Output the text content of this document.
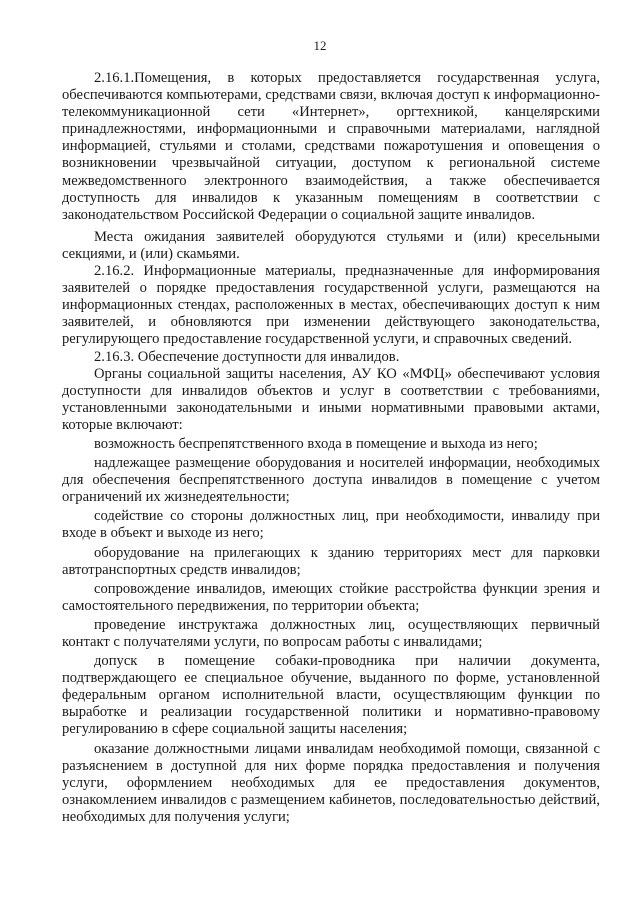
12

2.16.1.Помещения, в которых предоставляется государственная услуга, обеспечиваются компьютерами, средствами связи, включая доступ к информационно-телекоммуникационной сети «Интернет», оргтехникой, канцелярскими принадлежностями, информационными и справочными материалами, наглядной информацией, стульями и столами, средствами пожаротушения и оповещения о возникновении чрезвычайной ситуации, доступом к региональной системе межведомственного электронного взаимодействия, а также обеспечивается доступность для инвалидов к указанным помещениям в соответствии с законодательством Российской Федерации о социальной защите инвалидов.

Места ожидания заявителей оборудуются стульями и (или) кресельными секциями, и (или) скамьями.

2.16.2. Информационные материалы, предназначенные для информирования заявителей о порядке предоставления государственной услуги, размещаются на информационных стендах, расположенных в местах, обеспечивающих доступ к ним заявителей, и обновляются при изменении действующего законодательства, регулирующего предоставление государственной услуги, и справочных сведений.

2.16.3. Обеспечение доступности для инвалидов.

Органы социальной защиты населения, АУ КО «МФЦ» обеспечивают условия доступности для инвалидов объектов и услуг в соответствии с требованиями, установленными законодательными и иными нормативными правовыми актами, которые включают:

возможность беспрепятственного входа в помещение и выхода из него;

надлежащее размещение оборудования и носителей информации, необходимых для обеспечения беспрепятственного доступа инвалидов в помещение с учетом ограничений их жизнедеятельности;

содействие со стороны должностных лиц, при необходимости, инвалиду при входе в объект и выходе из него;

оборудование на прилегающих к зданию территориях мест для парковки автотранспортных средств инвалидов;

сопровождение инвалидов, имеющих стойкие расстройства функции зрения и самостоятельного передвижения, по территории объекта;

проведение инструктажа должностных лиц, осуществляющих первичный контакт с получателями услуги, по вопросам работы с инвалидами;

допуск в помещение собаки-проводника при наличии документа, подтверждающего ее специальное обучение, выданного по форме, установленной федеральным органом исполнительной власти, осуществляющим функции по выработке и реализации государственной политики и нормативно-правовому регулированию в сфере социальной защиты населения;

оказание должностными лицами инвалидам необходимой помощи, связанной с разъяснением в доступной для них форме порядка предоставления и получения услуги, оформлением необходимых для ее предоставления документов, ознакомлением инвалидов с размещением кабинетов, последовательностью действий, необходимых для получения услуги;
